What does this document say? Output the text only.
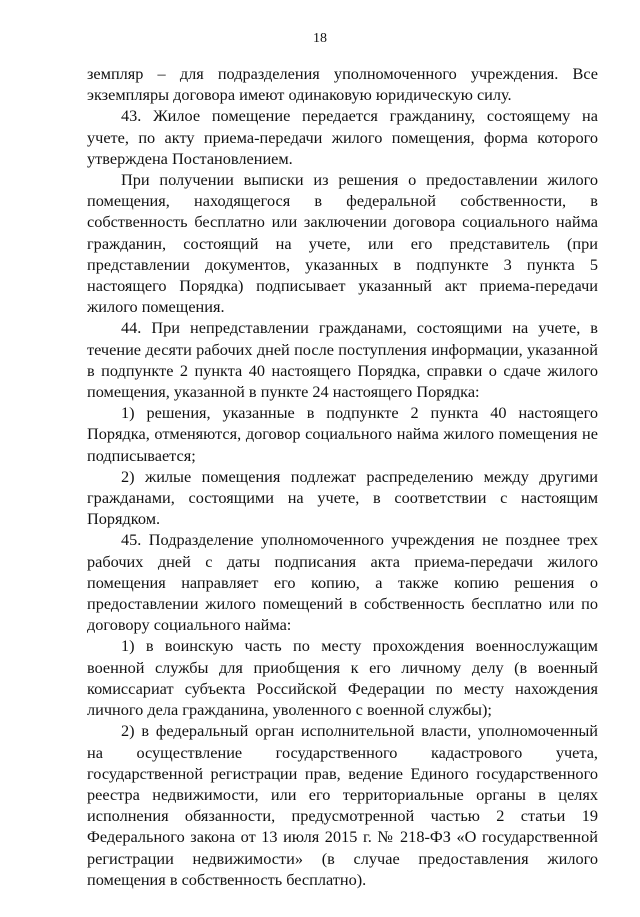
18

земпляр – для подразделения уполномоченного учреждения. Все экземпляры договора имеют одинаковую юридическую силу.

43. Жилое помещение передается гражданину, состоящему на учете, по акту приема-передачи жилого помещения, форма которого утверждена Постановлением.

При получении выписки из решения о предоставлении жилого помещения, находящегося в федеральной собственности, в собственность бесплатно или заключении договора социального найма гражданин, состоящий на учете, или его представитель (при представлении документов, указанных в подпункте 3 пункта 5 настоящего Порядка) подписывает указанный акт приема-передачи жилого помещения.

44. При непредставлении гражданами, состоящими на учете, в течение десяти рабочих дней после поступления информации, указанной в подпункте 2 пункта 40 настоящего Порядка, справки о сдаче жилого помещения, указанной в пункте 24 настоящего Порядка:

1) решения, указанные в подпункте 2 пункта 40 настоящего Порядка, отменяются, договор социального найма жилого помещения не подписывается;

2) жилые помещения подлежат распределению между другими гражданами, состоящими на учете, в соответствии с настоящим Порядком.

45. Подразделение уполномоченного учреждения не позднее трех рабочих дней с даты подписания акта приема-передачи жилого помещения направляет его копию, а также копию решения о предоставлении жилого помещений в собственность бесплатно или по договору социального найма:

1) в воинскую часть по месту прохождения военнослужащим военной службы для приобщения к его личному делу (в военный комиссариат субъекта Российской Федерации по месту нахождения личного дела гражданина, уволенного с военной службы);

2) в федеральный орган исполнительной власти, уполномоченный на осуществление государственного кадастрового учета, государственной регистрации прав, ведение Единого государственного реестра недвижимости, или его территориальные органы в целях исполнения обязанности, предусмотренной частью 2 статьи 19 Федерального закона от 13 июля 2015 г. № 218-ФЗ «О государственной регистрации недвижимости» (в случае предоставления жилого помещения в собственность бесплатно).
